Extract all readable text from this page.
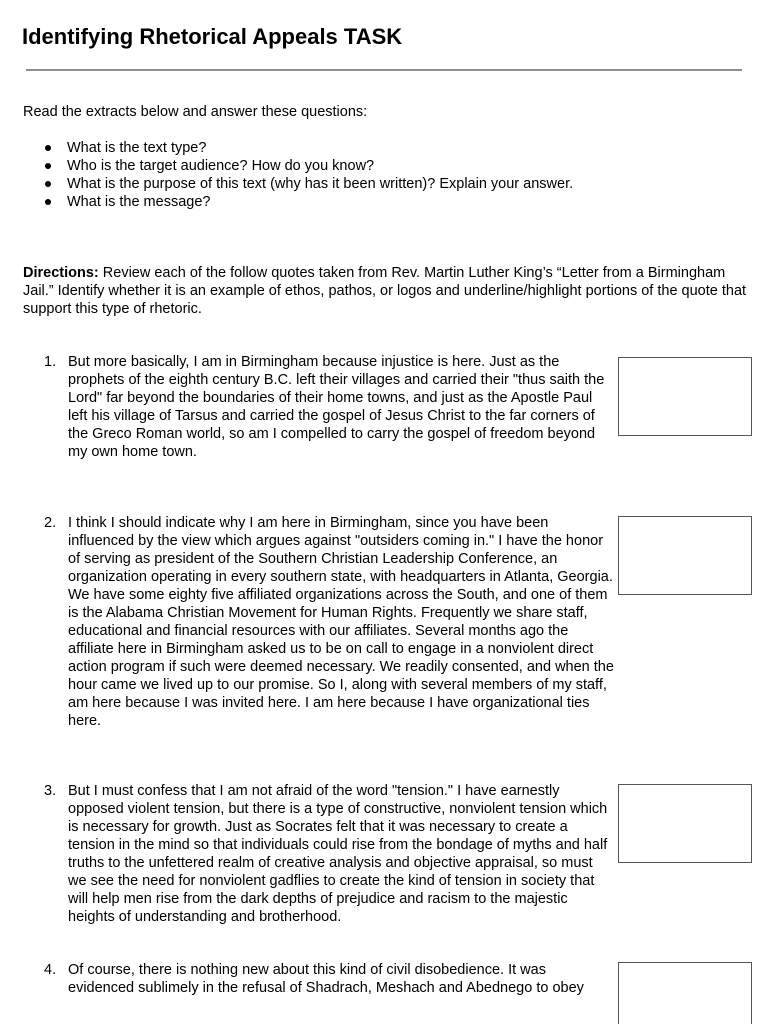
Identifying Rhetorical Appeals TASK
Read the extracts below and answer these questions:
What is the text type?
Who is the target audience? How do you know?
What is the purpose of this text (why has it been written)? Explain your answer.
What is the message?
Directions: Review each of the follow quotes taken from Rev. Martin Luther King’s “Letter from a Birmingham Jail.” Identify whether it is an example of ethos, pathos, or logos and underline/highlight portions of the quote that support this type of rhetoric.
1. But more basically, I am in Birmingham because injustice is here. Just as the prophets of the eighth century B.C. left their villages and carried their "thus saith the Lord" far beyond the boundaries of their home towns, and just as the Apostle Paul left his village of Tarsus and carried the gospel of Jesus Christ to the far corners of the Greco Roman world, so am I compelled to carry the gospel of freedom beyond my own home town.
2. I think I should indicate why I am here in Birmingham, since you have been influenced by the view which argues against "outsiders coming in." I have the honor of serving as president of the Southern Christian Leadership Conference, an organization operating in every southern state, with headquarters in Atlanta, Georgia. We have some eighty five affiliated organizations across the South, and one of them is the Alabama Christian Movement for Human Rights. Frequently we share staff, educational and financial resources with our affiliates. Several months ago the affiliate here in Birmingham asked us to be on call to engage in a nonviolent direct action program if such were deemed necessary. We readily consented, and when the hour came we lived up to our promise. So I, along with several members of my staff, am here because I was invited here. I am here because I have organizational ties here.
3. But I must confess that I am not afraid of the word "tension." I have earnestly opposed violent tension, but there is a type of constructive, nonviolent tension which is necessary for growth. Just as Socrates felt that it was necessary to create a tension in the mind so that individuals could rise from the bondage of myths and half truths to the unfettered realm of creative analysis and objective appraisal, so must we see the need for nonviolent gadflies to create the kind of tension in society that will help men rise from the dark depths of prejudice and racism to the majestic heights of understanding and brotherhood.
4. Of course, there is nothing new about this kind of civil disobedience. It was evidenced sublimely in the refusal of Shadrach, Meshach and Abednego to obey
